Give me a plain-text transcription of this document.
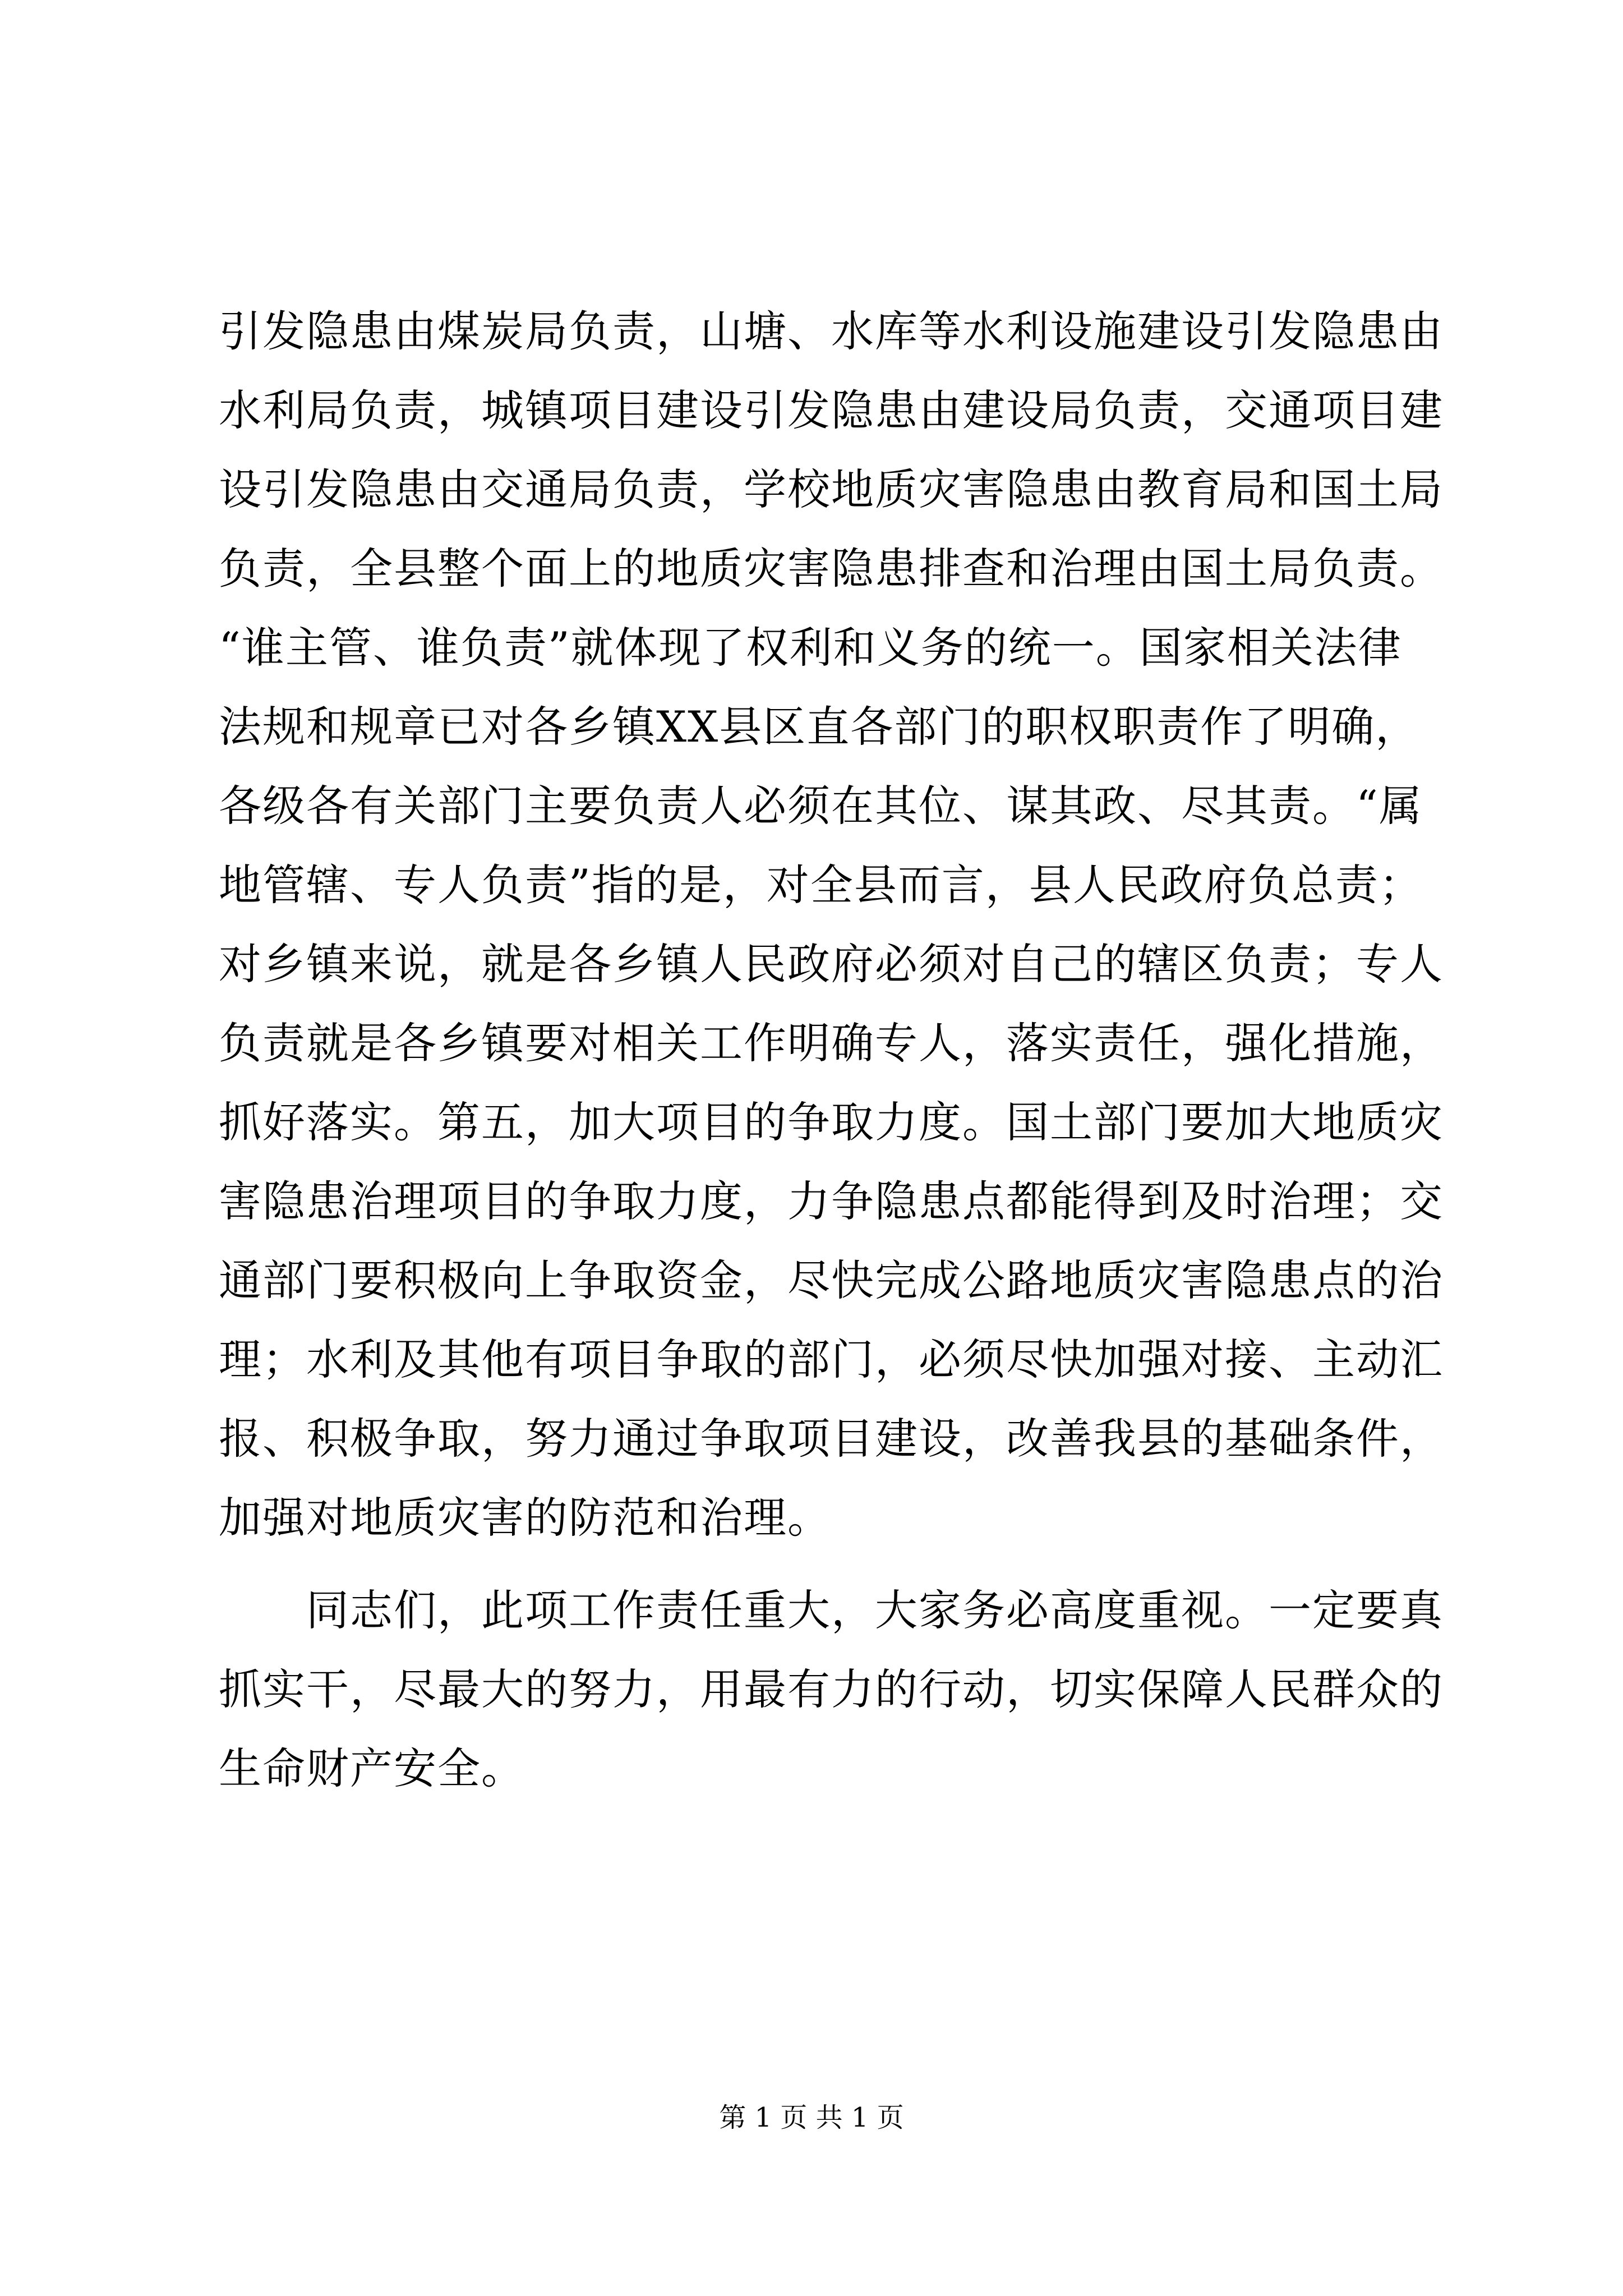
引发隐患由煤炭局负责，山塘、水库等水利设施建设引发隐患由
水利局负责，城镇项目建设引发隐患由建设局负责，交通项目建
设引发隐患由交通局负责，学校地质灾害隐患由教育局和国土局
负责，全县整个面上的地质灾害隐患排查和治理由国土局负责。
“谁主管、谁负责”就体现了权利和义务的统一。国家相关法律
法规和规章已对各乡镇XX县区直各部门的职权职责作了明确，
各级各有关部门主要负责人必须在其位、谋其政、尽其责。“属
地管辖、专人负责”指的是，对全县而言，县人民政府负总责；
对乡镇来说，就是各乡镇人民政府必须对自己的辖区负责；专人
负责就是各乡镇要对相关工作明确专人，落实责任，强化措施，
抓好落实。第五，加大项目的争取力度。国土部门要加大地质灾
害隐患治理项目的争取力度，力争隐患点都能得到及时治理；交
通部门要积极向上争取资金，尽快完成公路地质灾害隐患点的治
理；水利及其他有项目争取的部门，必须尽快加强对接、主动汇
报、积极争取，努力通过争取项目建设，改善我县的基础条件，
加强对地质灾害的防范和治理。
同志们，此项工作责任重大，大家务必高度重视。一定要真
抓实干，尽最大的努力，用最有力的行动，切实保障人民群众的
生命财产安全。
第 1 页 共 1 页
